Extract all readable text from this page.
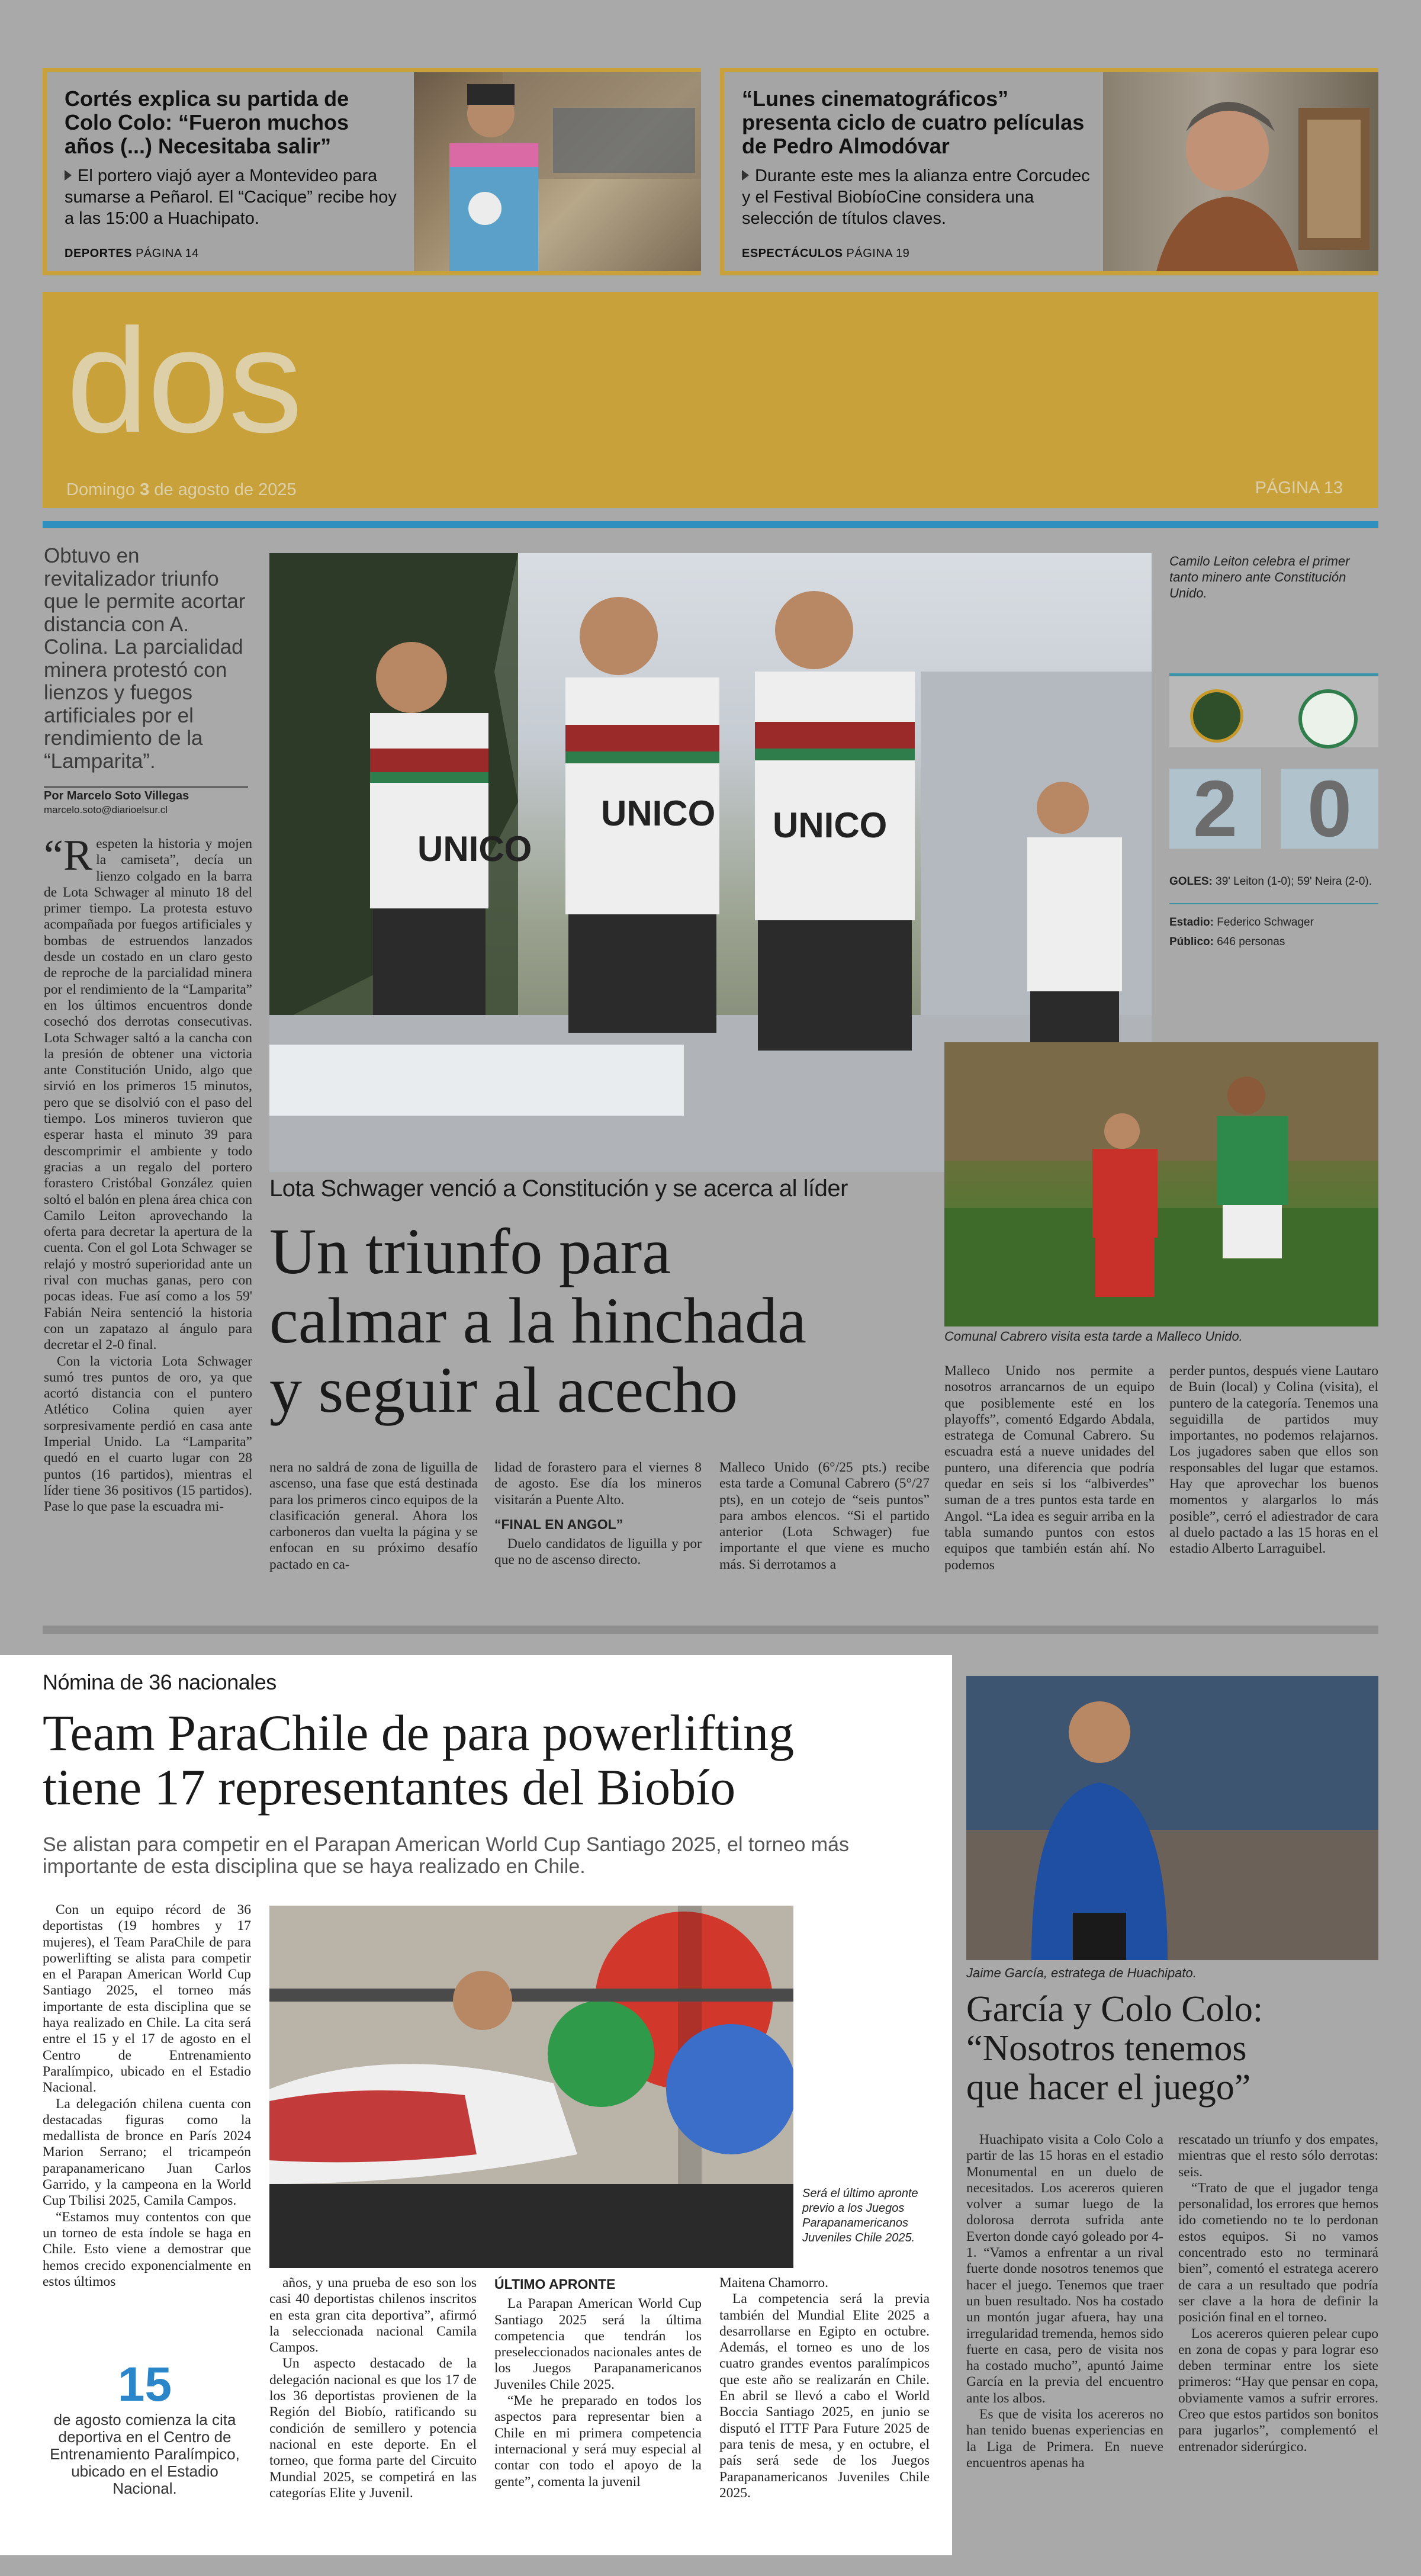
Cortés explica su partida de Colo Colo: “Fueron muchos años (...) Necesitaba salir”

El portero viajó ayer a Montevideo para sumarse a Peñarol. El “Cacique” recibe hoy a las 15:00 a Huachipato.

DEPORTES PÁGINA 14
“Lunes cinematográficos” presenta ciclo de cuatro películas de Pedro Almodóvar

Durante este mes la alianza entre Corcudec y el Festival BiobíoCine considera una selección de títulos claves.

ESPECTÁCULOS PÁGINA 19
dos
Domingo 3 de agosto de 2025	PÁGINA 13
Obtuvo en revitalizador triunfo que le permite acortar distancia con A. Colina. La parcialidad minera protestó con lienzos y fuegos artificiales por el rendimiento de la “Lamparita”.
Por Marcelo Soto Villegas
marcelo.soto@diarioelsur.cl
“Respeten la historia y mojen la camiseta”, decía un lienzo colgado en la barra de Lota Schwager al minuto 18 del primer tiempo. La protesta estuvo acompañada por fuegos artificiales y bombas de estruendos lanzados desde un costado en un claro gesto de reproche de la parcialidad minera por el rendimiento de la “Lamparita” en los últimos encuentros donde cosechó dos derrotas consecutivas. Lota Schwager saltó a la cancha con la presión de obtener una victoria ante Constitución Unido, algo que sirvió en los primeros 15 minutos, pero que se disolvió con el paso del tiempo. Los mineros tuvieron que esperar hasta el minuto 39 para descomprimir el ambiente y todo gracias a un regalo del portero forastero Cristóbal González quien soltó el balón en plena área chica con Camilo Leiton aprovechando la oferta para decretar la apertura de la cuenta. Con el gol Lota Schwager se relajó y mostró superioridad ante un rival con muchas ganas, pero con pocas ideas. Fue así como a los 59' Fabián Neira sentenció la historia con un zapatazo al ángulo para decretar el 2-0 final.

Con la victoria Lota Schwager sumó tres puntos de oro, ya que acortó distancia con el puntero Atlético Colina quien ayer sorpresivamente perdió en casa ante Imperial Unido. La “Lamparita” quedó en el cuarto lugar con 28 puntos (16 partidos), mientras el líder tiene 36 positivos (15 partidos). Pase lo que pase la escuadra mi-

UNICO
UNICO UNICO
Camilo Leiton celebra el primer tanto minero ante Constitución Unido.
2 0
GOLES: 39' Leiton (1-0); 59' Neira (2-0).
Estadio: Federico Schwager
Público: 646 personas
Comunal Cabrero visita esta tarde a Malleco Unido.
Lota Schwager venció a Constitución y se acerca al líder
Un triunfo para
calmar a la hinchada
y seguir al acecho
nera no saldrá de zona de liguilla de ascenso, una fase que está destinada para los primeros cinco equipos de la clasificación general. Ahora los carboneros dan vuelta la página y se enfocan en su próximo desafío pactado en ca-
lidad de forastero para el viernes 8 de agosto. Ese día los mineros visitarán a Puente Alto.
“FINAL EN ANGOL”

Duelo candidatos de liguilla y por que no de ascenso directo.

Malleco Unido (6°/25 pts.) recibe esta tarde a Comunal Cabrero (5°/27 pts), en un cotejo de “seis puntos” para ambos elencos. “Si el partido anterior (Lota Schwager) fue importante el que viene es mucho más. Si derrotamos a
Malleco Unido nos permite a nosotros arrancarnos de un equipo que posiblemente esté en los playoffs”, comentó Edgardo Abdala, estratega de Comunal Cabrero. Su escuadra está a nueve unidades del puntero, una diferencia que podría quedar en seis si los “albiverdes” suman de a tres puntos esta tarde en Angol. “La idea es seguir arriba en la tabla sumando puntos con estos equipos que también están ahí. No podemos
perder puntos, después viene Lautaro de Buin (local) y Colina (visita), el puntero de la categoría. Tenemos una seguidilla de partidos muy importantes, no podemos relajarnos. Los jugadores saben que ellos son responsables del lugar que estamos. Hay que aprovechar los buenos momentos y alargarlos lo más posible”, cerró el adiestrador de cara al duelo pactado a las 15 horas en el estadio Alberto Larraguibel.
Nómina de 36 nacionales
Team ParaChile de para powerlifting
tiene 17 representantes del Biobío
Se alistan para competir en el Parapan American World Cup Santiago 2025, el torneo más importante de esta disciplina que se haya realizado en Chile.

Con un equipo récord de 36 deportistas (19 hombres y 17 mujeres), el Team ParaChile de para powerlifting se alista para competir en el Parapan American World Cup Santiago 2025, el torneo más importante de esta disciplina que se haya realizado en Chile. La cita será entre el 15 y el 17 de agosto en el Centro de Entrenamiento Paralímpico, ubicado en el Estadio Nacional.

La delegación chilena cuenta con destacadas figuras como la medallista de bronce en París 2024 Marion Serrano; el tricampeón parapanamericano Juan Carlos Garrido, y la campeona en la World Cup Tbilisi 2025, Camila Campos.

“Estamos muy contentos con que un torneo de esta índole se haga en Chile. Esto viene a demostrar que hemos crecido exponencialmente en estos últimos

Será el último apronte previo a los Juegos Parapanamericanos Juveniles Chile 2025.
15
de agosto comienza la cita deportiva en el Centro de Entrenamiento Paralímpico, ubicado en el Estadio Nacional.

años, y una prueba de eso son los casi 40 deportistas chilenos inscritos en esta gran cita deportiva”, afirmó la seleccionada nacional Camila Campos.

Un aspecto destacado de la delegación nacional es que los 17 de los 36 deportistas provienen de la Región del Biobío, ratificando su condición de semillero y potencia nacional en este deporte. En el torneo, que forma parte del Circuito Mundial 2025, se competirá en las categorías Elite y Juvenil.

ÚLTIMO APRONTE

La Parapan American World Cup Santiago 2025 será la última competencia que tendrán los preseleccionados nacionales antes de los Juegos Parapanamericanos Juveniles Chile 2025.

“Me he preparado en todos los aspectos para representar bien a Chile en mi primera competencia internacional y será muy especial al contar con todo el apoyo de la gente”, comenta la juvenil

Maitena Chamorro.

La competencia será la previa también del Mundial Elite 2025 a desarrollarse en Egipto en octubre. Además, el torneo es uno de los cuatro grandes eventos paralímpicos que este año se realizarán en Chile. En abril se llevó a cabo el World Boccia Santiago 2025, en junio se disputó el ITTF Para Future 2025 de para tenis de mesa, y en octubre, el país será sede de los Juegos Parapanamericanos Juveniles Chile 2025.

Jaime García, estratega de Huachipato.
García y Colo Colo:
“Nosotros tenemos
que hacer el juego”

Huachipato visita a Colo Colo a partir de las 15 horas en el estadio Monumental en un duelo de necesitados. Los acereros quieren volver a sumar luego de la dolorosa derrota sufrida ante Everton donde cayó goleado por 4-1. “Vamos a enfrentar a un rival fuerte donde nosotros tenemos que hacer el juego. Tenemos que traer un buen resultado. Nos ha costado un montón jugar afuera, hay una irregularidad tremenda, hemos sido fuerte en casa, pero de visita nos ha costado mucho”, apuntó Jaime García en la previa del encuentro ante los albos.

Es que de visita los acereros no han tenido buenas experiencias en la Liga de Primera. En nueve encuentros apenas ha

rescatado un triunfo y dos empates, mientras que el resto sólo derrotas: seis.

“Trato de que el jugador tenga personalidad, los errores que hemos ido cometiendo no te lo perdonan estos equipos. Si no vamos concentrado esto no terminará bien”, comentó el estratega acerero de cara a un resultado que podría ser clave a la hora de definir la posición final en el torneo.

Los acereros quieren pelear cupo en zona de copas y para lograr eso deben terminar entre los siete primeros: “Hay que pensar en copa, obviamente vamos a sufrir errores. Creo que estos partidos son bonitos para jugarlos”, complementó el entrenador siderúrgico.
